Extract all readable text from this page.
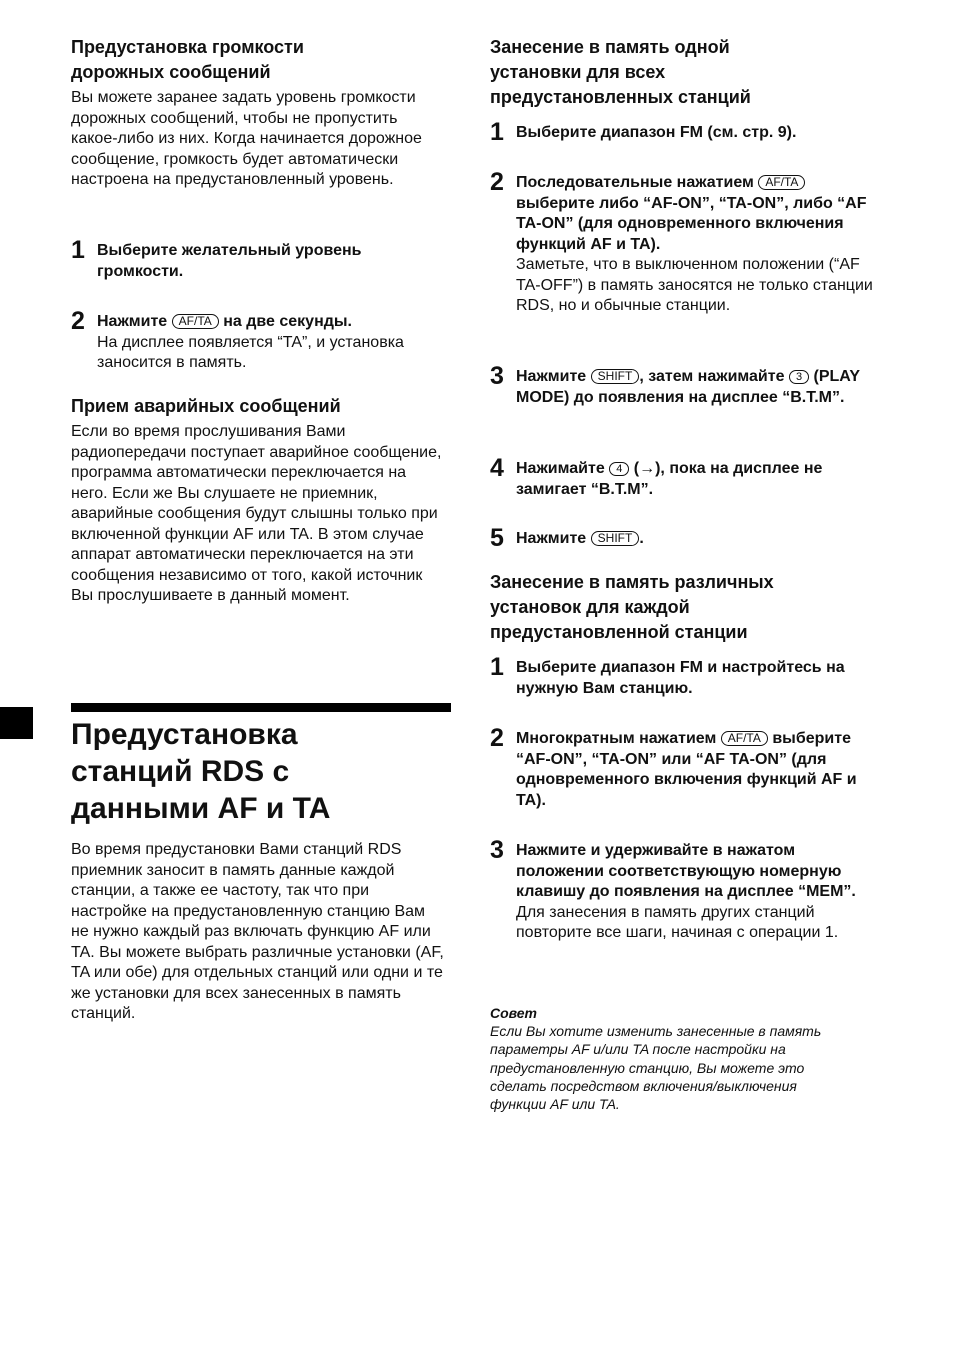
Предустановка громкости дорожных сообщений

Вы можете заранее задать уровень громкости дорожных сообщений, чтобы не пропустить какое-либо из них. Когда начинается дорожное сообщение, громкость будет автоматически настроена на предустановленный уровень.

1 Выберите желательный уровень громкости.

2 Нажмите AF/TA на две секунды.

На дисплее появляется “TA”, и установка заносится в память.

Прием аварийных сообщений

Если во время прослушивания Вами радиопередачи поступает аварийное сообщение, программа автоматически переключается на него. Если же Вы слушаете не приемник, аварийные сообщения будут слышны только при включенной функции AF или TA. В этом случае аппарат автоматически переключается на эти сообщения независимо от того, какой источник Вы прослушиваете в данный момент.

Предустановка станций RDS с данными AF и TA

Во время предустановки Вами станций RDS приемник заносит в память данные каждой станции, а также ее частоту, так что при настройке на предустановленную станцию Вам не нужно каждый раз включать функцию AF или TA. Вы можете выбрать различные установки (AF, TA или обе) для отдельных станций или одни и те же установки для всех занесенных в память станций.

Занесение в память одной установки для всех предустановленных станций
1 Выберите диапазон FM (см. стр. 9).

2 Последовательные нажатием AF/TA выберите либо “AF-ON”, “TA-ON”, либо “AF TA-ON” (для одновременного включения функций AF и TA).

Заметьте, что в выключенном положении (“AF TA-OFF”) в память заносятся не только станции RDS, но и обычные станции.

3 Нажмите SHIFT , затем нажимайте 3 (PLAY MODE) до появления на дисплее “B.T.M”.

4 Нажимайте 4 (→), пока на дисплее не замигает “B.T.M”.

5 Нажмите SHIFT .

Занесение в память различных установок для каждой предустановленной станции
1 Выберите диапазон FM и настройтесь на нужную Вам станцию.

2 Многократным нажатием AF/TA выберите “AF-ON”, “TA-ON” или “AF TA-ON” (для одновременного включения функций AF и TA).

3 Нажмите и удерживайте в нажатом положении соответствующую номерную клавишу до появления на дисплее “MEM”.

Для занесения в память других станций повторите все шаги, начиная с операции 1.

Совет

Если Вы хотите изменить занесенные в память параметры AF и/или TA после настройки на предустановленную станцию, Вы можете это сделать посредством включения/выключения функции AF или TA.
